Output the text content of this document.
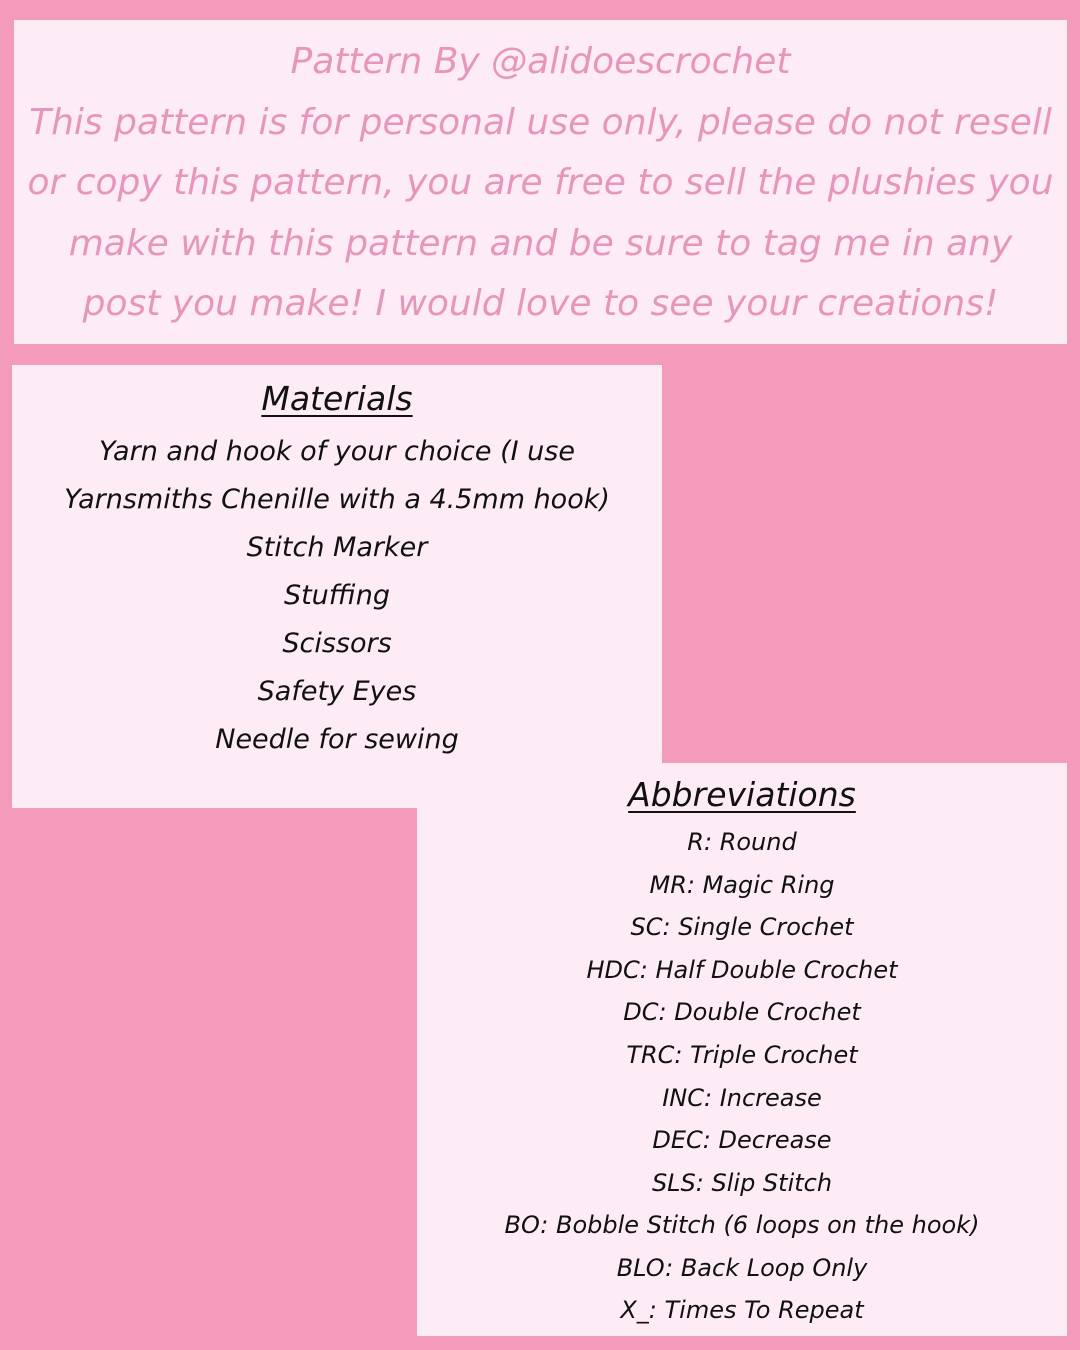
Pattern By @alidoescrochet
This pattern is for personal use only, please do not resell
or copy this pattern, you are free to sell the plushies you
make with this pattern and be sure to tag me in any
post you make! I would love to see your creations!
Materials
Yarn and hook of your choice (I use
Yarnsmiths Chenille with a 4.5mm hook)
Stitch Marker
Stuffing
Scissors
Safety Eyes
Needle for sewing
Abbreviations
R: Round
MR: Magic Ring
SC: Single Crochet
HDC: Half Double Crochet
DC: Double Crochet
TRC: Triple Crochet
INC: Increase
DEC: Decrease
SLS: Slip Stitch
BO: Bobble Stitch (6 loops on the hook)
BLO: Back Loop Only
X_: Times To Repeat
